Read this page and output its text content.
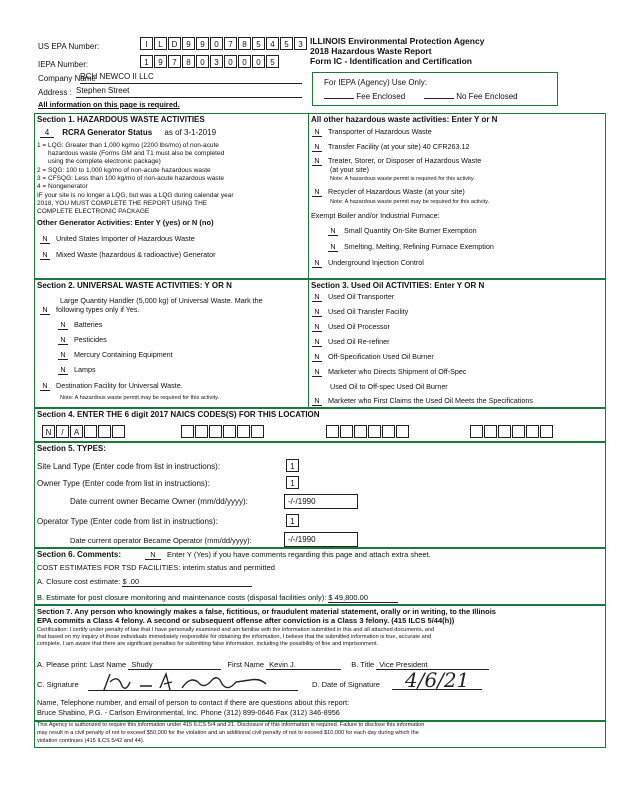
US EPA Number:	I	L	D	9	9	0	7	8	5	4	5	3
IEPA Number:	1	9	7	8	0	3	0	0	0	5
Company Name
RCH NEWCO II LLC
Address : Stephen Street
All information on this page is required.
ILLINOIS Environmental Protection Agency
2018 Hazardous Waste Report
Form IC - Identification and Certification
For IEPA (Agency) Use Only:
Fee Enclosed	No Fee Enclosed
Section 1. HAZARDOUS WASTE ACTIVITIES
4 RCRA Generator Status as of 3-1-2019
1 = LQG: Greater than 1,000 kg/mo (2200 lbs/mo) of non-acute
hazardous waste (Forms GM and T1 must also be completed
using the complete electronic package)
2 = SQG: 100 to 1,000 kg/mo of non-acute hazardous waste
3 = CFSQG: Less than 100 kg/mo of non-acute hazardous waste
4 = Nongenerator
IF your site is no longer a LQG, but was a LQG during calendar year
2018, YOU MUST COMPLETE THE REPORT USING THE
COMPLETE ELECTRONIC PACKAGE
Other Generator Activities: Enter Y (yes) or N (no)
N United States Importer of Hazardous Waste
N Mixed Waste (hazardous & radioactive) Generator
All other hazardous waste activities: Enter Y or N
N Transporter of Hazardous Waste
N Transfer Facility (at your site) 40 CFR263.12
N Treater, Storer, or Disposer of Hazardous Waste
(at your site)
Note: A hazardous waste permit is required for this activity.
N Recycler of Hazardous Waste (at your site)
Note: A hazardous waste permit may be required for this activity.
Exempt Boiler and/or Industrial Furnace:
N Small Quantity On-Site Burner Exemption
N Smelting, Melting, Refining Furnace Exemption
N Underground Injection Control
Section 2. UNIVERSAL WASTE ACTIVITIES: Y OR N
Large Quantity Handler (5,000 kg) of Universal Waste. Mark the
N following types only if Yes.
N Batteries
N Pesticides
N Mercury Containing Equipment
N Lamps
N Destination Facility for Universal Waste.
Note: A hazardous waste permit may be required for this activity.
Section 3. Used Oil ACTIVITIES: Enter Y OR N
N Used Oil Transporter
N Used Oil Transfer Facility
N Used Oil Processor
N Used Oil Re-refiner
N Off-Specification Used Oil Burner
N Marketer who Directs Shipment of Off-Spec
Used Oil to Off-spec Used Oil Burner
N Marketer who First Claims the Used Oil Meets the Specifications
Section 4. ENTER THE 6 digit 2017 NAICS CODES(S) FOR THIS LOCATION
N	/	A
Section 5. TYPES:
Site Land Type (Enter code from list in instructions):	1
Owner Type (Enter code from list in instructions):	1
Date current owner Became Owner (mm/dd/yyyy):	-/-/1990
Operator Type (Enter code from list in instructions):	1
Date current operator Became Operator (mm/dd/yyyy):	-/-/1990
Section 6. Comments:	N Enter Y (Yes) if you have comments regarding this page and attach extra sheet.
COST ESTIMATES FOR TSD FACILITIES: interim status and permitted
A. Closure cost estimate: $ .00
B. Estimate for post closure monitoring and maintenance costs (disposal facilities only): $ 49,800.00
Section 7. Any person who knowingly makes a false, fictitious, or fraudulent material statement, orally or in writing, to the Illinois
EPA commits a Class 4 felony. A second or subsequent offense after conviction is a Class 3 felony. (415 ILCS 5/44(h))
Certification: I certify under penalty of law that I have personally examined and am familiar with the information submitted in this and all attached documents, and
that based on my inquiry of those individuals immediately responsible for obtaining the information, I believe that the submitted information is true, accurate and
complete. I am aware that there are significant penalties for submitting false information, including the possibility of fine and imprisonment.
A. Please print: Last Name Shudy	First Name Kevin J.	B. Title Vice President
C. Signature	D. Date of Signature 4/6/21
Name, Telephone number, and email of person to contact if there are questions about this report:
Bruce Shabino, P.G. - Carlson Environmental, Inc. Phone (312) 899-0646 Fax (312) 346-8956
This Agency is authorized to require this information under 415 ILCS 5/4 and 21. Disclosure of this information is required. Failure to disclose this information
may result in a civil penalty of not to exceed $50,000 for the violation and an additional civil penalty of not to exceed $10,000 for each day during which the
violation continues (415 ILCS 5/42 and 44).
